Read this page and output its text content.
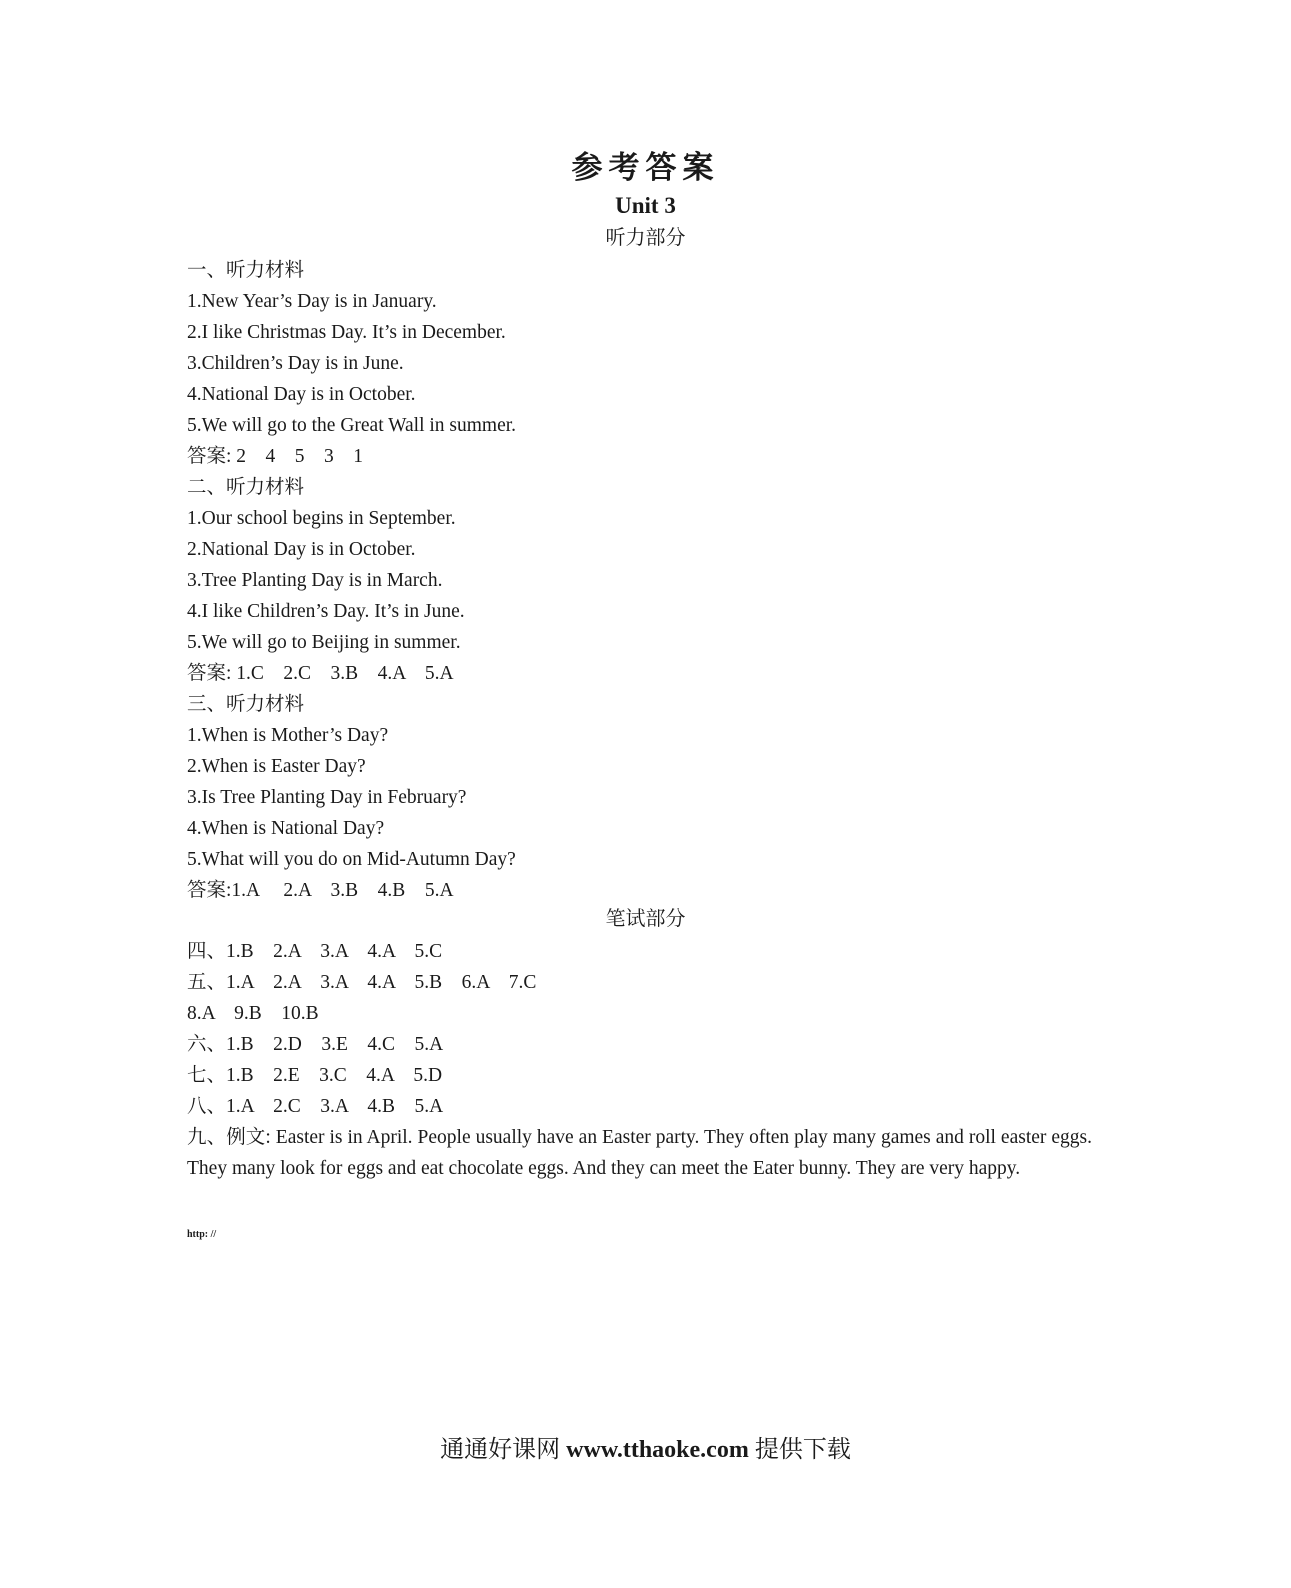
参考答案
Unit 3
听力部分
一、听力材料
1.New Year’s Day is in January.
2.I like Christmas Day. It’s in December.
3.Children’s Day is in June.
4.National Day is in October.
5.We will go to the Great Wall in summer.
答案: 2    4    5    3    1
二、听力材料
1.Our school begins in September.
2.National Day is in October.
3.Tree Planting Day is in March.
4.I like Children’s Day. It’s in June.
5.We will go to Beijing in summer.
答案: 1.C    2.C    3.B    4.A    5.A
三、听力材料
1.When is Mother’s Day?
2.When is Easter Day?
3.Is Tree Planting Day in February?
4.When is National Day?
5.What will you do on Mid-Autumn Day?
答案:1.A     2.A    3.B    4.B    5.A
笔试部分
四、1.B    2.A    3.A    4.A    5.C
五、1.A    2.A    3.A    4.A    5.B    6.A    7.C
8.A    9.B    10.B
六、1.B    2.D    3.E    4.C    5.A
七、1.B    2.E    3.C    4.A    5.D
八、1.A    2.C    3.A    4.B    5.A

九、例文: Easter is in April. People usually have an Easter party. They often play many games and roll easter eggs. They many look for eggs and eat chocolate eggs. And they can meet the Eater bunny. They are very happy.

http: //
通通好课网 www.tthaoke.com 提供下载
